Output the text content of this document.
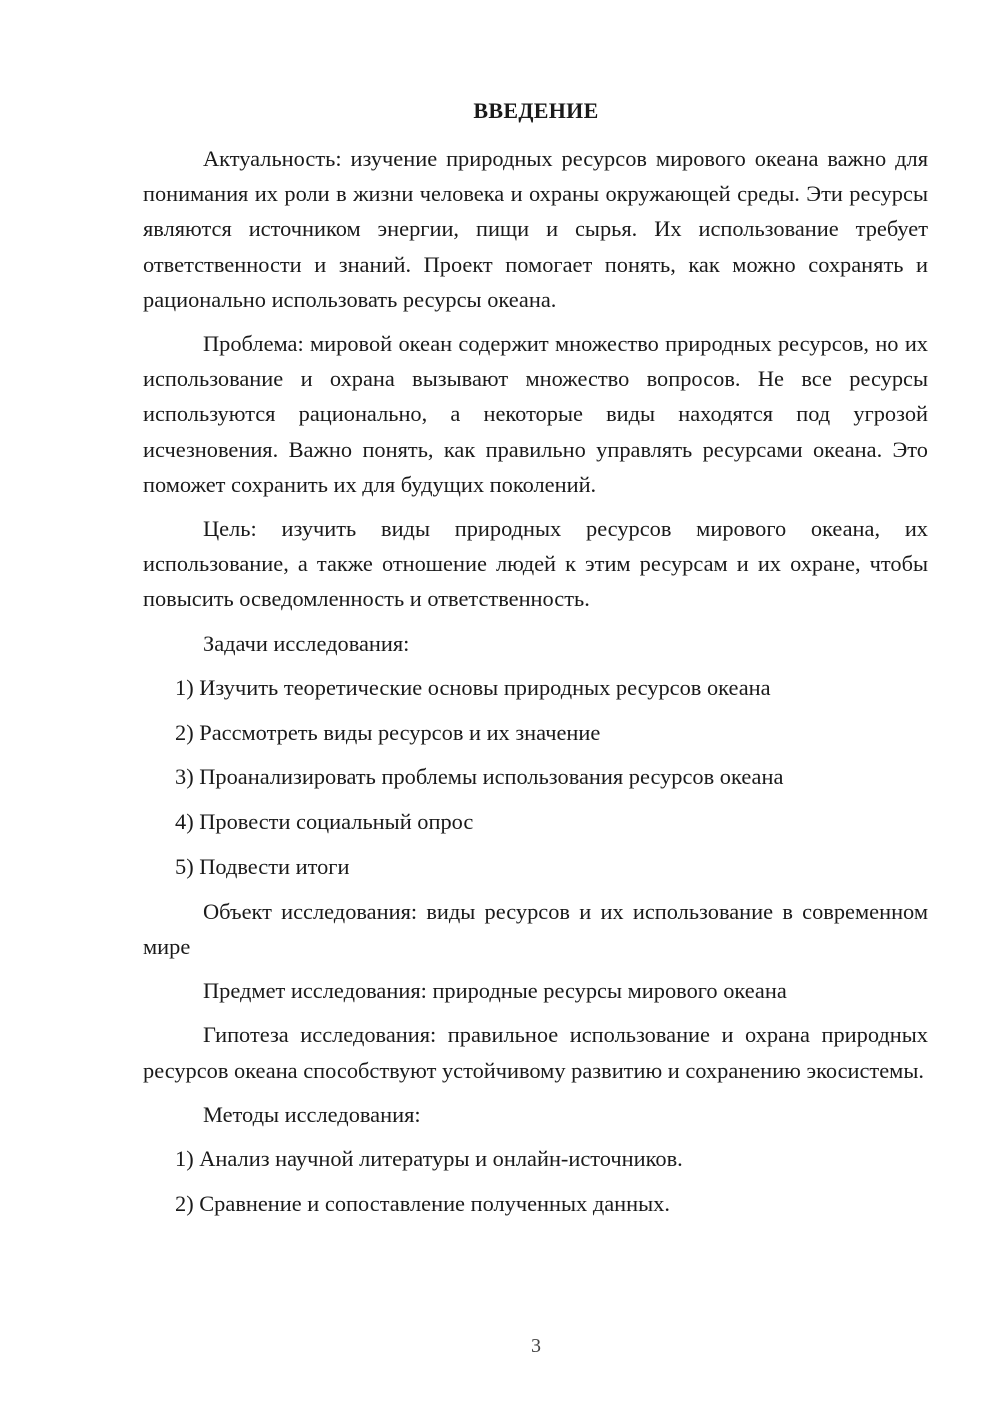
ВВЕДЕНИЕ

Актуальность: изучение природных ресурсов мирового океана важно для понимания их роли в жизни человека и охраны окружающей среды. Эти ресурсы являются источником энергии, пищи и сырья. Их использование требует ответственности и знаний. Проект помогает понять, как можно сохранять и рационально использовать ресурсы океана.

Проблема: мировой океан содержит множество природных ресурсов, но их использование и охрана вызывают множество вопросов. Не все ресурсы используются рационально, а некоторые виды находятся под угрозой исчезновения. Важно понять, как правильно управлять ресурсами океана. Это поможет сохранить их для будущих поколений.

Цель: изучить виды природных ресурсов мирового океана, их использование, а также отношение людей к этим ресурсам и их охране, чтобы повысить осведомленность и ответственность.

Задачи исследования:

1) Изучить теоретические основы природных ресурсов океана

2) Рассмотреть виды ресурсов и их значение

3) Проанализировать проблемы использования ресурсов океана

4) Провести социальный опрос

5) Подвести итоги

Объект исследования: виды ресурсов и их использование в современном мире

Предмет исследования: природные ресурсы мирового океана

Гипотеза исследования: правильное использование и охрана природных ресурсов океана способствуют устойчивому развитию и сохранению экосистемы.

Методы исследования:

1) Анализ научной литературы и онлайн-источников.

2) Сравнение и сопоставление полученных данных.

3
